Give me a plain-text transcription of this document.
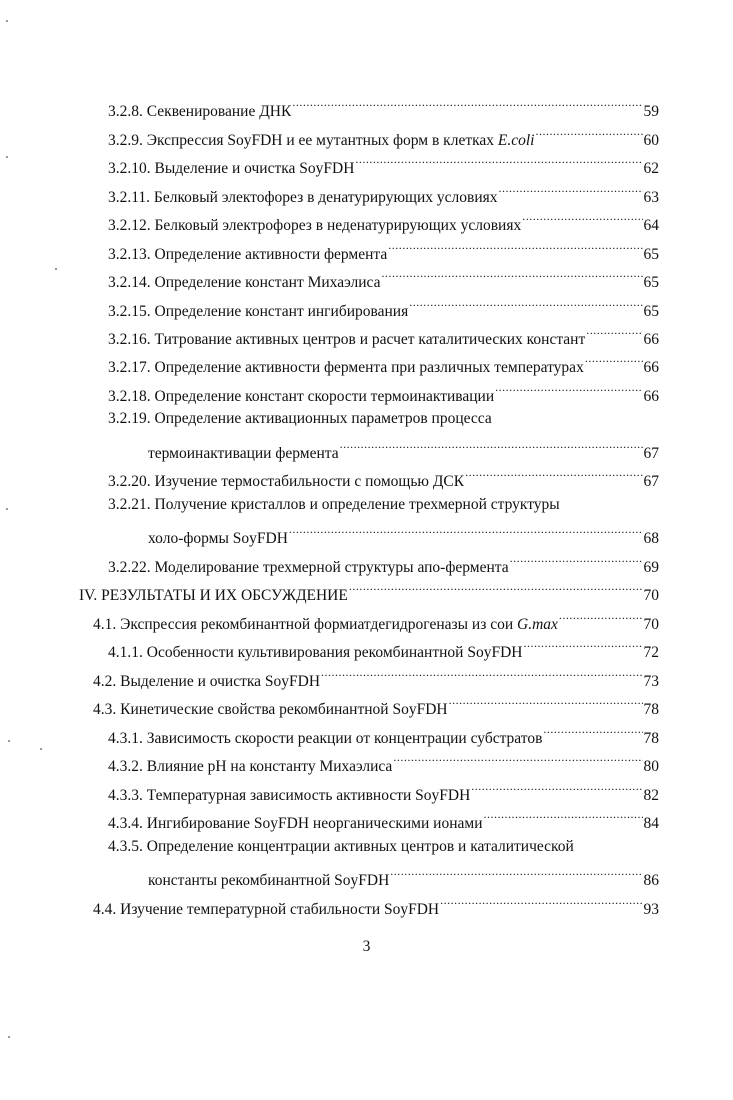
3.2.8. Секвенирование ДНК .....	59
3.2.9. Экспрессия SoyFDH и ее мутантных форм в клетках E.coli .....	60
3.2.10. Выделение и очистка SoyFDH .....	62
3.2.11. Белковый электофорез в денатурирующих условиях .....	63
3.2.12. Белковый электрофорез в неденатурирующих условиях .....	64
3.2.13. Определение активности фермента .....	65
3.2.14. Определение констант Михаэлиса .....	65
3.2.15. Определение констант ингибирования .....	65
3.2.16. Титрование активных центров и расчет каталитических констант .....	66
3.2.17. Определение активности фермента при различных температурах .....	66
3.2.18. Определение констант скорости термоинактивации .....	66
3.2.19. Определение активационных параметров процесса
термоинактивации фермента .....	67
3.2.20. Изучение термостабильности с помощью ДСК .....	67
3.2.21. Получение кристаллов и определение трехмерной структуры
холо-формы SoyFDH .....	68
3.2.22. Моделирование трехмерной структуры апо-фермента .....	69
IV. РЕЗУЛЬТАТЫ И ИХ ОБСУЖДЕНИЕ .....	70
4.1. Экспрессия рекомбинантной формиатдегидрогеназы из сои G.max .....	70
4.1.1. Особенности культивирования рекомбинантной SoyFDH .....	72
4.2. Выделение и очистка SoyFDH .....	73
4.3. Кинетические свойства рекомбинантной SoyFDH .....	78
4.3.1. Зависимость скорости реакции от концентрации субстратов .....	78
4.3.2. Влияние pH на константу Михаэлиса .....	80
4.3.3. Температурная зависимость активности SoyFDH .....	82
4.3.4. Ингибирование SoyFDH неорганическими ионами .....	84
4.3.5. Определение концентрации активных центров и каталитической
константы рекомбинантной SoyFDH .....	86
4.4. Изучение температурной стабильности SoyFDH .....	93
3
